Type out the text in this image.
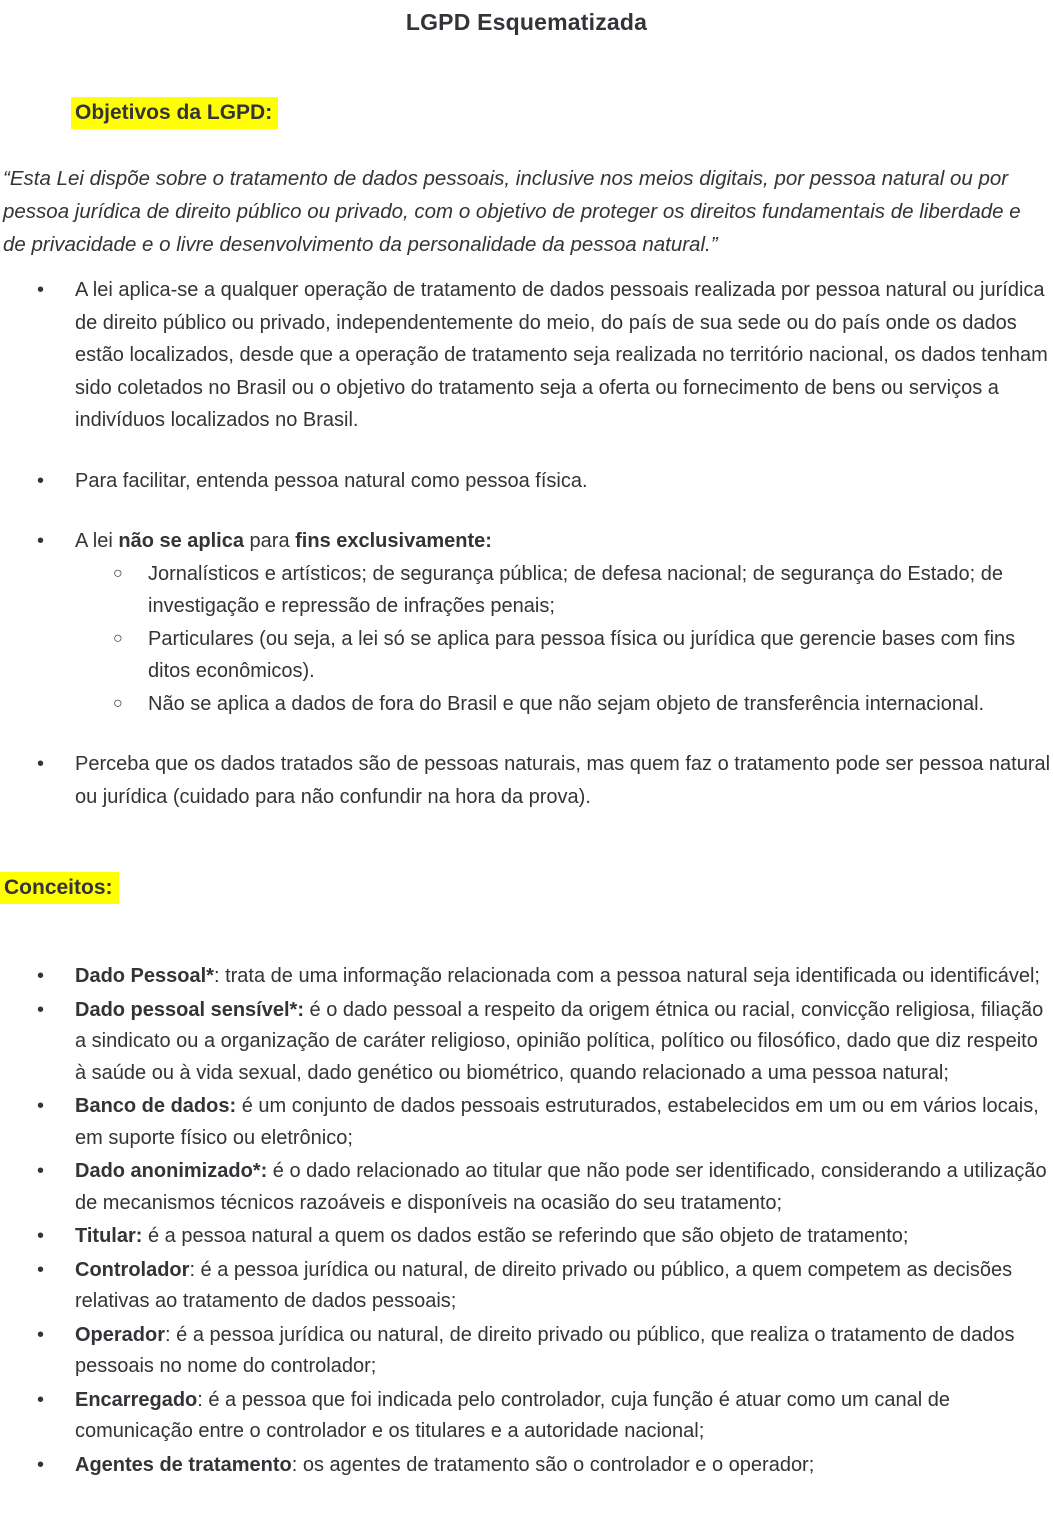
LGPD Esquematizada
Objetivos da LGPD:
“Esta Lei dispõe sobre o tratamento de dados pessoais, inclusive nos meios digitais, por pessoa natural ou por pessoa jurídica de direito público ou privado, com o objetivo de proteger os direitos fundamentais de liberdade e de privacidade e o livre desenvolvimento da personalidade da pessoa natural.”
•	A lei aplica-se a qualquer operação de tratamento de dados pessoais realizada por pessoa natural ou jurídica de direito público ou privado, independentemente do meio, do país de sua sede ou do país onde os dados estão localizados, desde que a operação de tratamento seja realizada no território nacional, os dados tenham sido coletados no Brasil ou o objetivo do tratamento seja a oferta ou fornecimento de bens ou serviços a indivíduos localizados no Brasil.
•	Para facilitar, entenda pessoa natural como pessoa física.
•	A lei não se aplica para fins exclusivamente:
○	Jornalísticos e artísticos; de segurança pública; de defesa nacional; de segurança do Estado; de investigação e repressão de infrações penais;
○	Particulares (ou seja, a lei só se aplica para pessoa física ou jurídica que gerencie bases com fins ditos econômicos).
○	Não se aplica a dados de fora do Brasil e que não sejam objeto de transferência internacional.
•	Perceba que os dados tratados são de pessoas naturais, mas quem faz o tratamento pode ser pessoa natural ou jurídica (cuidado para não confundir na hora da prova).
Conceitos:
•	Dado Pessoal*: trata de uma informação relacionada com a pessoa natural seja identificada ou identificável;
•	Dado pessoal sensível*: é o dado pessoal a respeito da origem étnica ou racial, convicção religiosa, filiação a sindicato ou a organização de caráter religioso, opinião política, político ou filosófico, dado que diz respeito à saúde ou à vida sexual, dado genético ou biométrico, quando relacionado a uma pessoa natural;
•	Banco de dados: é um conjunto de dados pessoais estruturados, estabelecidos em um ou em vários locais, em suporte físico ou eletrônico;
•	Dado anonimizado*: é o dado relacionado ao titular que não pode ser identificado, considerando a utilização de mecanismos técnicos razoáveis e disponíveis na ocasião do seu tratamento;
•	Titular: é a pessoa natural a quem os dados estão se referindo que são objeto de tratamento;
•	Controlador: é a pessoa jurídica ou natural, de direito privado ou público, a quem competem as decisões relativas ao tratamento de dados pessoais;
•	Operador: é a pessoa jurídica ou natural, de direito privado ou público, que realiza o tratamento de dados pessoais no nome do controlador;
•	Encarregado: é a pessoa que foi indicada pelo controlador, cuja função é atuar como um canal de comunicação entre o controlador e os titulares e a autoridade nacional;
•	Agentes de tratamento: os agentes de tratamento são o controlador e o operador;
